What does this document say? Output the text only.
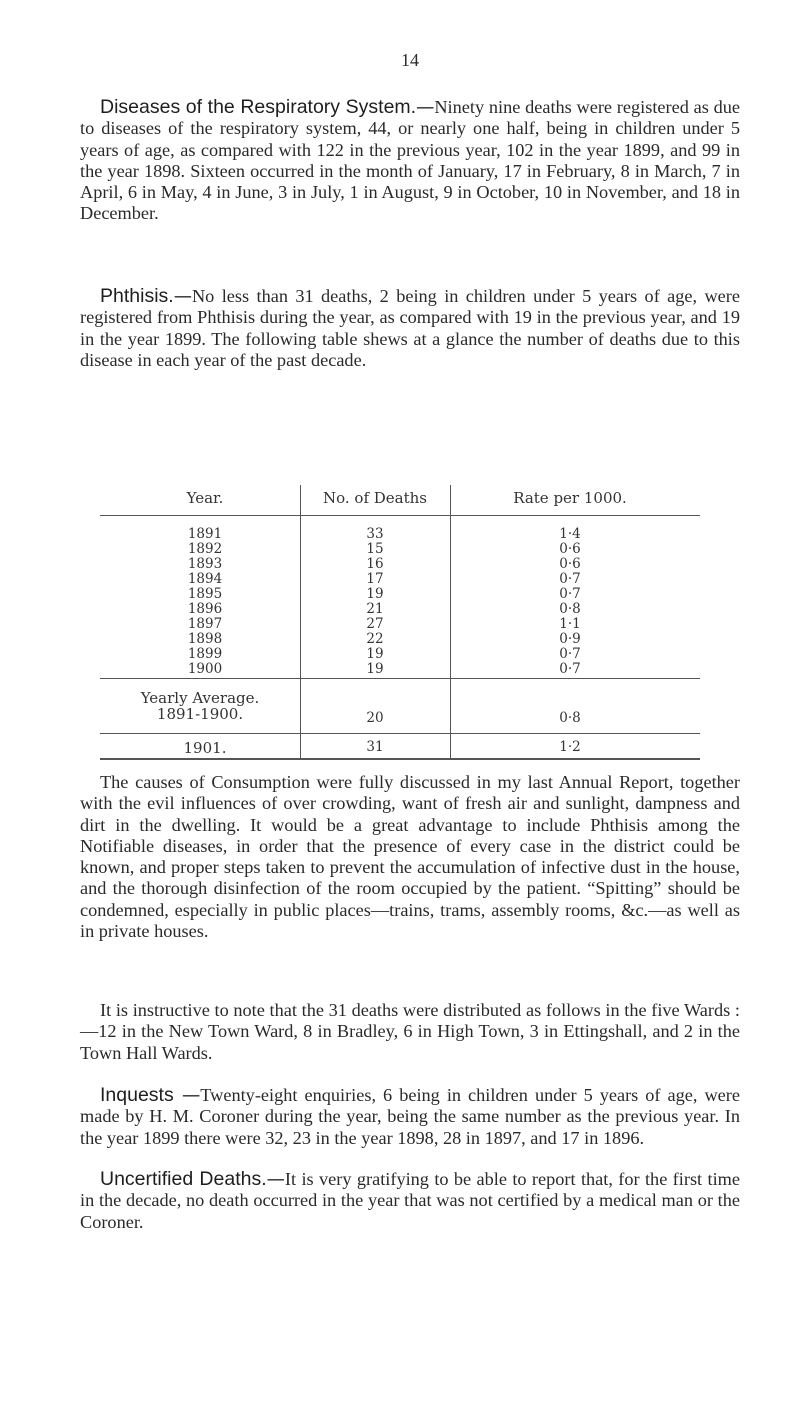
14

Diseases of the Respiratory System.—Ninety nine deaths were registered as due to diseases of the respiratory system, 44, or nearly one half, being in children under 5 years of age, as compared with 122 in the previous year, 102 in the year 1899, and 99 in the year 1898. Sixteen occurred in the month of January, 17 in February, 8 in March, 7 in April, 6 in May, 4 in June, 3 in July, 1 in August, 9 in October, 10 in November, and 18 in December.

Phthisis.—No less than 31 deaths, 2 being in children under 5 years of age, were registered from Phthisis during the year, as compared with 19 in the previous year, and 19 in the year 1899. The following table shews at a glance the number of deaths due to this disease in each year of the past decade.

Year.	No. of Deaths	Rate per 1000.
1891	33	1·4
1892	15	0·6
1893	16	0·6
1894	17	0·7
1895	19	0·7
1896	21	0·8
1897	27	1·1
1898	22	0·9
1899	19	0·7
1900	19	0·7
Yearly Average.
1891-1900.	20	0·8
1901.	31	1·2

The causes of Consumption were fully discussed in my last Annual Report, together with the evil influences of over crowding, want of fresh air and sunlight, dampness and dirt in the dwelling. It would be a great advantage to include Phthisis among the Notifiable diseases, in order that the presence of every case in the district could be known, and proper steps taken to prevent the accumulation of infective dust in the house, and the thorough disinfection of the room occupied by the patient. “Spitting” should be condemned, especially in public places—trains, trams, assembly rooms, &c.—as well as in private houses.

It is instructive to note that the 31 deaths were distributed as follows in the five Wards :—12 in the New Town Ward, 8 in Bradley, 6 in High Town, 3 in Ettingshall, and 2 in the Town Hall Wards.

Inquests —Twenty-eight enquiries, 6 being in children under 5 years of age, were made by H. M. Coroner during the year, being the same number as the previous year. In the year 1899 there were 32, 23 in the year 1898, 28 in 1897, and 17 in 1896.

Uncertified Deaths.—It is very gratifying to be able to report that, for the first time in the decade, no death occurred in the year that was not certified by a medical man or the Coroner.
